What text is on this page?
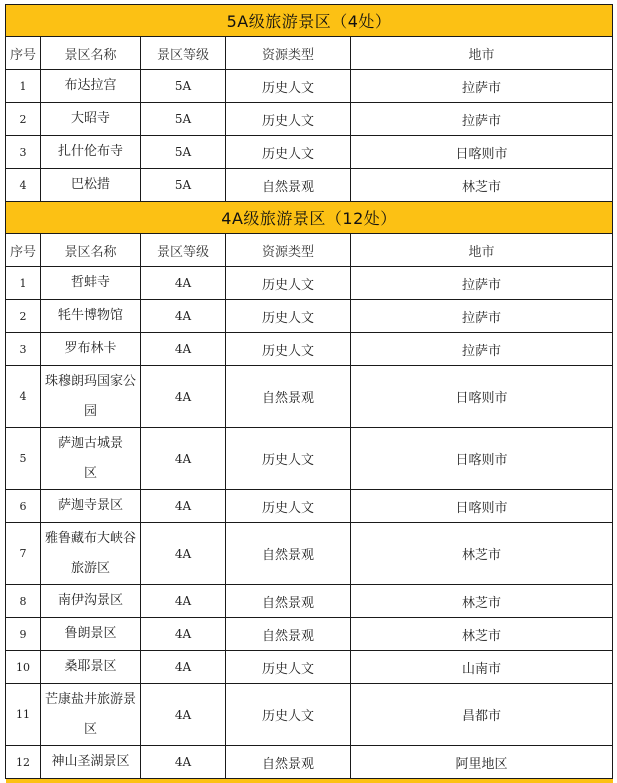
5A级旅游景区（4处）				
序号	景区名称	景区等级	资源类型	地市
1	布达拉宫	5A	历史人文	拉萨市
2	大昭寺	5A	历史人文	拉萨市
3	扎什伦布寺	5A	历史人文	日喀则市
4	巴松措	5A	自然景观	林芝市
4A级旅游景区（12处）				
序号	景区名称	景区等级	资源类型	地市
1	哲蚌寺	4A	历史人文	拉萨市
2	牦牛博物馆	4A	历史人文	拉萨市
3	罗布林卡	4A	历史人文	拉萨市
4	珠穆朗玛国家公园	4A	自然景观	日喀则市
5	萨迦古城景区	4A	历史人文	日喀则市
6	萨迦寺景区	4A	历史人文	日喀则市
7	雅鲁藏布大峡谷旅游区	4A	自然景观	林芝市
8	南伊沟景区	4A	自然景观	林芝市
9	鲁朗景区	4A	自然景观	林芝市
10	桑耶景区	4A	历史人文	山南市
11	芒康盐井旅游景区	4A	历史人文	昌都市
12	神山圣湖景区	4A	自然景观	阿里地区
